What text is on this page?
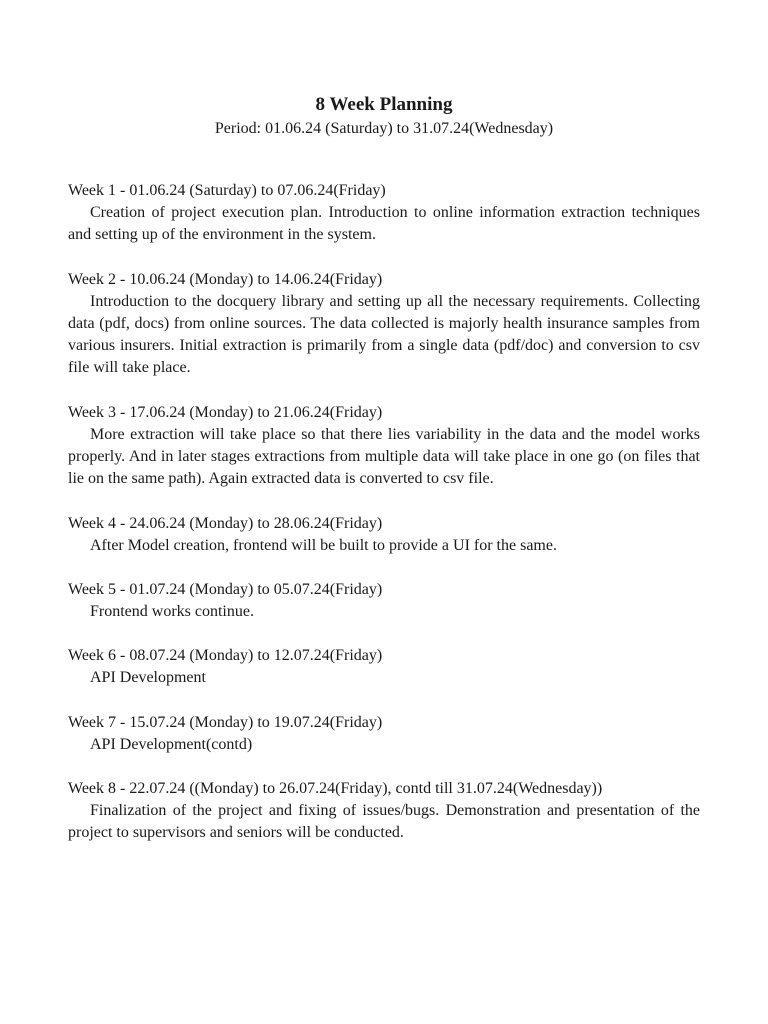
8 Week Planning

Period: 01.06.24 (Saturday) to 31.07.24(Wednesday)

Week 1 - 01.06.24 (Saturday) to 07.06.24(Friday)

Creation of project execution plan. Introduction to online information extraction techniques and setting up of the environment in the system.

Week 2 - 10.06.24 (Monday) to 14.06.24(Friday)

Introduction to the docquery library and setting up all the necessary requirements. Collecting data (pdf, docs) from online sources. The data collected is majorly health insurance samples from various insurers. Initial extraction is primarily from a single data (pdf/doc) and conversion to csv file will take place.

Week 3 - 17.06.24 (Monday) to 21.06.24(Friday)

More extraction will take place so that there lies variability in the data and the model works properly. And in later stages extractions from multiple data will take place in one go (on files that lie on the same path). Again extracted data is converted to csv file.

Week 4 - 24.06.24 (Monday) to 28.06.24(Friday)

After Model creation, frontend will be built to provide a UI for the same.

Week 5 - 01.07.24 (Monday) to 05.07.24(Friday)

Frontend works continue.

Week 6 - 08.07.24 (Monday) to 12.07.24(Friday)

API Development

Week 7 - 15.07.24 (Monday) to 19.07.24(Friday)

API Development(contd)

Week 8 - 22.07.24 ((Monday) to 26.07.24(Friday), contd till 31.07.24(Wednesday))

Finalization of the project and fixing of issues/bugs. Demonstration and presentation of the project to supervisors and seniors will be conducted.
